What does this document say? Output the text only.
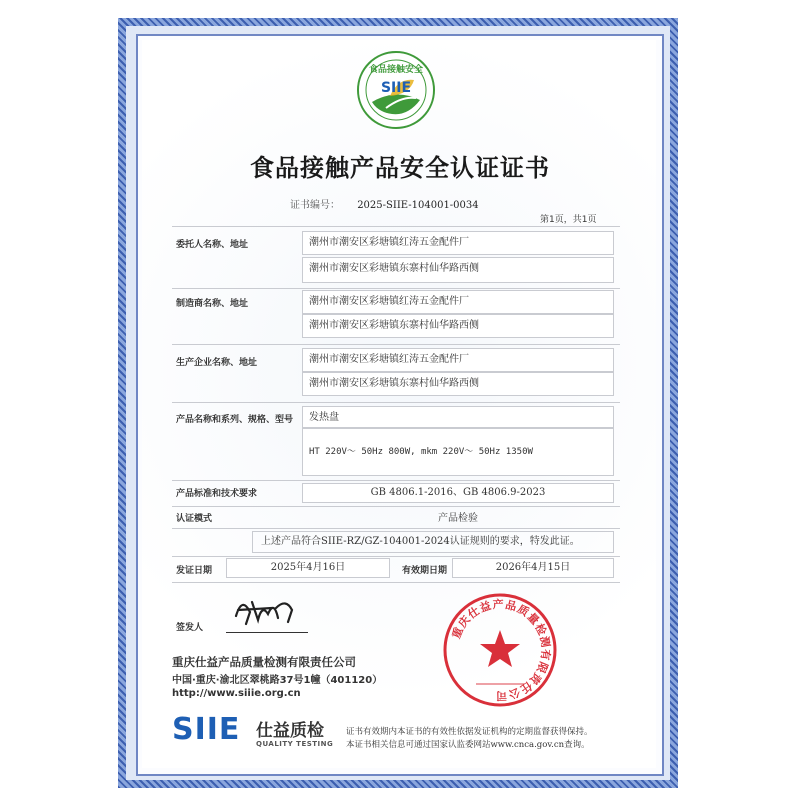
食品接触安全
SIIE
食品接触产品安全认证证书
证书编号： 2025-SIIE-104001-0034
第1页，共1页
委托人名称、地址	潮州市潮安区彩塘镇红涛五金配件厂
潮州市潮安区彩塘镇东寨村仙华路西侧
制造商名称、地址	潮州市潮安区彩塘镇红涛五金配件厂
潮州市潮安区彩塘镇东寨村仙华路西侧
生产企业名称、地址	潮州市潮安区彩塘镇红涛五金配件厂
潮州市潮安区彩塘镇东寨村仙华路西侧
产品名称和系列、规格、型号	发热盘
HT 220V～ 50Hz 800W, mkm 220V～ 50Hz 1350W
产品标准和技术要求	GB 4806.1-2016、GB 4806.9-2023
认证模式	产品检验
上述产品符合SIIE-RZ/GZ-104001-2024认证规则的要求，特发此证。
发证日期	2025年4月16日	有效期日期	2026年4月15日
签发人	重庆仕益产品质量检测有限责任公司
重庆仕益产品质量检测有限责任公司
中国·重庆·渝北区翠桃路37号1幢（401120）
http://www.siiie.org.cn
SIIE 仕益质检
QUALITY TESTING
证书有效期内本证书的有效性依据发证机构的定期监督获得保持。
本证书相关信息可通过国家认监委网站www.cnca.gov.cn查询。
